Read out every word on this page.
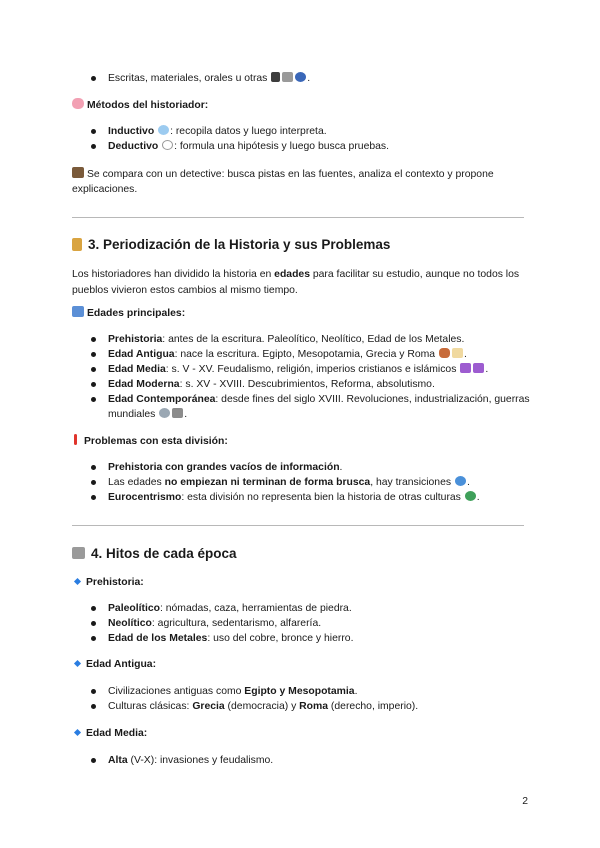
Escritas, materiales, orales u otras	.
Métodos del historiador:
Inductivo : recopila datos y luego interpreta.
Deductivo : formula una hipótesis y luego busca pruebas.

Se compara con un detective: busca pistas en las fuentes, analiza el contexto y propone explicaciones.

3. Periodización de la Historia y sus Problemas

Los historiadores han dividido la historia en edades para facilitar su estudio, aunque no todos los pueblos vivieron estos cambios al mismo tiempo.

Edades principales:
Prehistoria: antes de la escritura. Paleolítico, Neolítico, Edad de los Metales.
Edad Antigua: nace la escritura. Egipto, Mesopotamia, Grecia y Roma	.
Edad Media: s. V - XV. Feudalismo, religión, imperios cristianos e islámicos	.
Edad Moderna: s. XV - XVIII. Descubrimientos, Reforma, absolutismo.
Edad Contemporánea: desde fines del siglo XVIII. Revoluciones, industrialización, guerras mundiales	.
Problemas con esta división:
Prehistoria con grandes vacíos de información.
Las edades no empiezan ni terminan de forma brusca, hay transiciones .
Eurocentrismo: esta división no representa bien la historia de otras culturas .
4. Hitos de cada época
Prehistoria:
Paleolítico: nómadas, caza, herramientas de piedra.
Neolítico: agricultura, sedentarismo, alfarería.
Edad de los Metales: uso del cobre, bronce y hierro.
Edad Antigua:
Civilizaciones antiguas como Egipto y Mesopotamia.
Culturas clásicas: Grecia (democracia) y Roma (derecho, imperio).
Edad Media:
Alta (V-X): invasiones y feudalismo.
2
